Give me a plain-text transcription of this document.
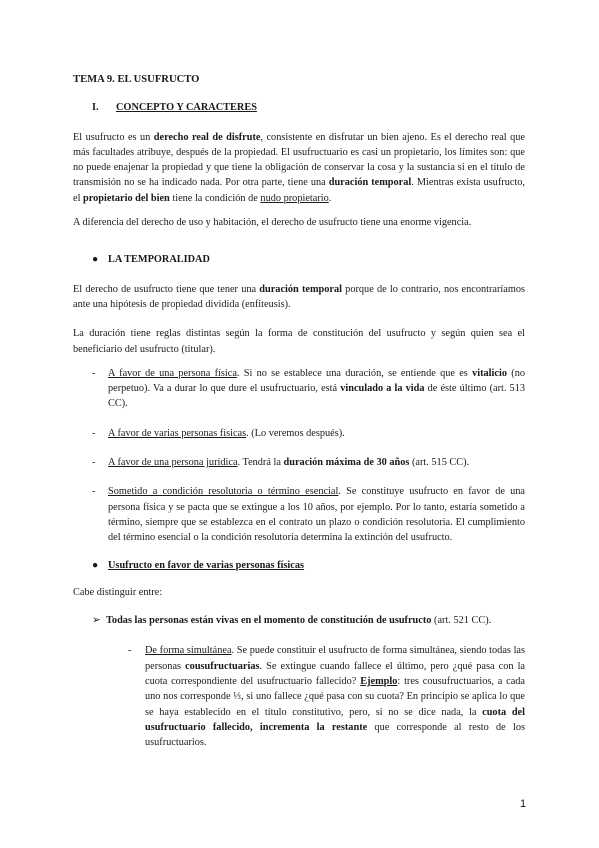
TEMA 9. EL USUFRUCTO

I. CONCEPTO Y CARACTERES

El usufructo es un derecho real de disfrute, consistente en disfrutar un bien ajeno. Es el derecho real que más facultades atribuye, después de la propiedad. El usufructuario es casi un propietario, los límites son: que no puede enajenar la propiedad y que tiene la obligación de conservar la cosa y la sustancia si en el título de transmisión no se ha indicado nada. Por otra parte, tiene una duración temporal. Mientras exista usufructo, el propietario del bien tiene la condición de nudo propietario.

A diferencia del derecho de uso y habitación, el derecho de usufructo tiene una enorme vigencia.

● LA TEMPORALIDAD

El derecho de usufructo tiene que tener una duración temporal porque de lo contrario, nos encontraríamos ante una hipótesis de propiedad dividida (enfiteusis).

La duración tiene reglas distintas según la forma de constitución del usufructo y según quien sea el beneficiario del usufructo (titular).

- A favor de una persona física. Si no se establece una duración, se entiende que es vitalicio (no perpetuo). Va a durar lo que dure el usufructuario, está vinculado a la vida de éste último (art. 513 CC).

- A favor de varias personas físicas. (Lo veremos después).

- A favor de una persona jurídica. Tendrá la duración máxima de 30 años (art. 515 CC).

- Sometido a condición resolutoria o término esencial. Se constituye usufructo en favor de una persona física y se pacta que se extingue a los 10 años, por ejemplo. Por lo tanto, estaría sometido a término, siempre que se establezca en el contrato un plazo o condición resolutoria. El cumplimiento del término esencial o la condición resolutoria determina la extinción del usufructo.

● Usufructo en favor de varias personas físicas

Cabe distinguir entre:

➢ Todas las personas están vivas en el momento de constitución de usufructo (art. 521 CC).

- De forma simultánea. Se puede constituir el usufructo de forma simultánea, siendo todas las personas cousufructuarias. Se extingue cuando fallece el último, pero ¿qué pasa con la cuota correspondiente del usufructuario fallecido? Ejemplo: tres cousufructuarios, a cada uno nos corresponde ⅓, si uno fallece ¿qué pasa con su cuota? En principio se aplica lo que se haya establecido en el título constitutivo, pero, si no se dice nada, la cuota del usufructuario fallecido, incrementa la restante que corresponde al resto de los usufructuarios.

1
